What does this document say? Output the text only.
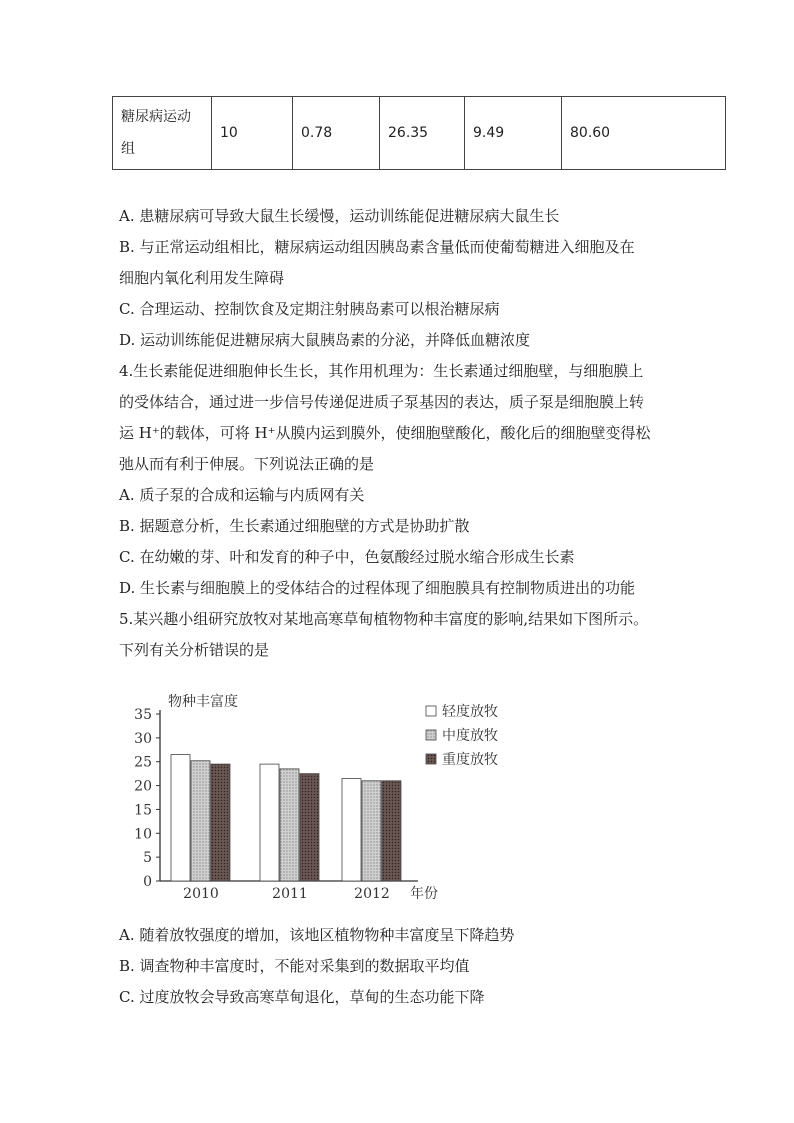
糖尿病运动组	10	0.78	26.35	9.49	80.60
A. 患糖尿病可导致大鼠生长缓慢，运动训练能促进糖尿病大鼠生长
B. 与正常运动组相比，糖尿病运动组因胰岛素含量低而使葡萄糖进入细胞及在
细胞内氧化利用发生障碍
C. 合理运动、控制饮食及定期注射胰岛素可以根治糖尿病
D. 运动训练能促进糖尿病大鼠胰岛素的分泌，并降低血糖浓度
4.生长素能促进细胞伸长生长，其作用机理为：生长素通过细胞壁，与细胞膜上
的受体结合，通过进一步信号传递促进质子泵基因的表达，质子泵是细胞膜上转
运 H⁺的载体，可将 H⁺从膜内运到膜外，使细胞壁酸化，酸化后的细胞壁变得松
弛从而有利于伸展。下列说法正确的是
A. 质子泵的合成和运输与内质网有关
B. 据题意分析，生长素通过细胞壁的方式是协助扩散
C. 在幼嫩的芽、叶和发育的种子中，色氨酸经过脱水缩合形成生长素
D. 生长素与细胞膜上的受体结合的过程体现了细胞膜具有控制物质进出的功能
5.某兴趣小组研究放牧对某地高寒草甸植物物种丰富度的影响,结果如下图所示。
下列有关分析错误的是
0
5
10
15
20
25
30
35
物种丰富度
2010	2011	2012 年份
轻度放牧
中度放牧
重度放牧
A. 随着放牧强度的增加，该地区植物物种丰富度呈下降趋势
B. 调查物种丰富度时，不能对采集到的数据取平均值
C. 过度放牧会导致高寒草甸退化，草甸的生态功能下降
